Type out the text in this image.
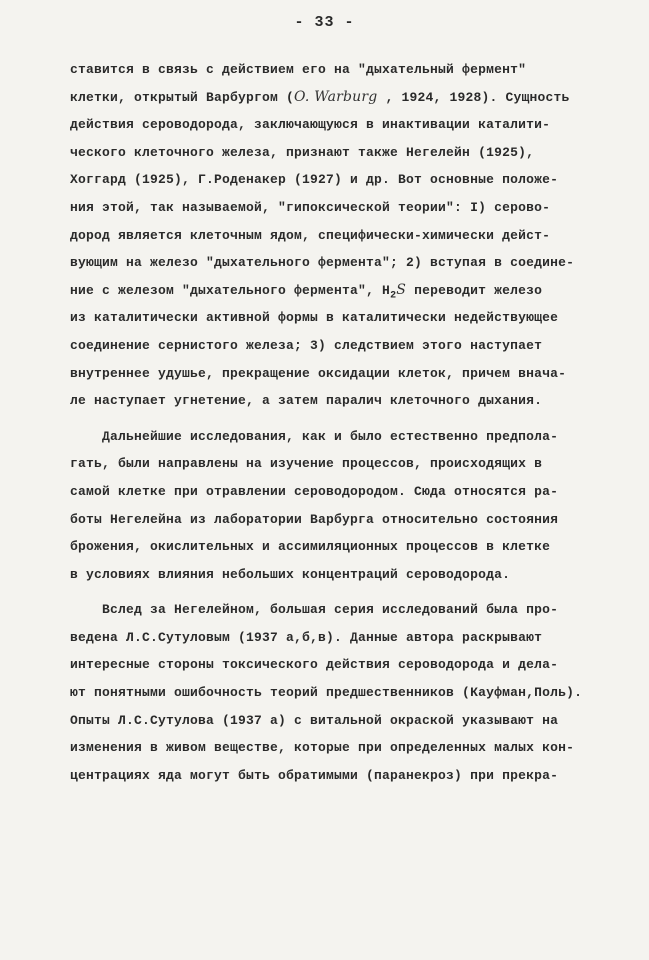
- 33 -
ставится в связь с действием его на "дыхательный фермент"
клетки, открытый Варбургом (O. Warburg , 1924, 1928). Сущность
действия сероводорода, заключающуюся в инактивации каталити-
ческого клеточного железа, признают также Негелейн (1925),
Хоггард (1925), Г.Роденакер (1927) и др. Вот основные положе-
ния этой, так называемой, "гипоксической теории": I) серово-
дород является клеточным ядом, специфически-химически дейст-
вующим на железо "дыхательного фермента"; 2) вступая в соедине-
ние с железом "дыхательного фермента", $H_2S$ переводит железо
из каталитически активной формы в каталитически недействующее
соединение сернистого железа; 3) следствием этого наступает
внутреннее удушье, прекращение оксидации клеток, причем внача-
ле наступает угнетение, а затем паралич клеточного дыхания.
Дальнейшие исследования, как и было естественно предпола-
гать, были направлены на изучение процессов, происходящих в
самой клетке при отравлении сероводородом. Сюда относятся ра-
боты Негелейна из лаборатории Варбурга относительно состояния
брожения, окислительных и ассимиляционных процессов в клетке
в условиях влияния небольших концентраций сероводорода.
Вслед за Негелейном, большая серия исследований была про-
ведена Л.С.Сутуловым (1937 а,б,в). Данные автора раскрывают
интересные стороны токсического действия сероводорода и дела-
ют понятными ошибочность теорий предшественников (Кауфман,Поль).
Опыты Л.С.Сутулова (1937 а) с витальной окраской указывают на
изменения в живом веществе, которые при определенных малых кон-
центрациях яда могут быть обратимыми (паранекроз) при прекра-
